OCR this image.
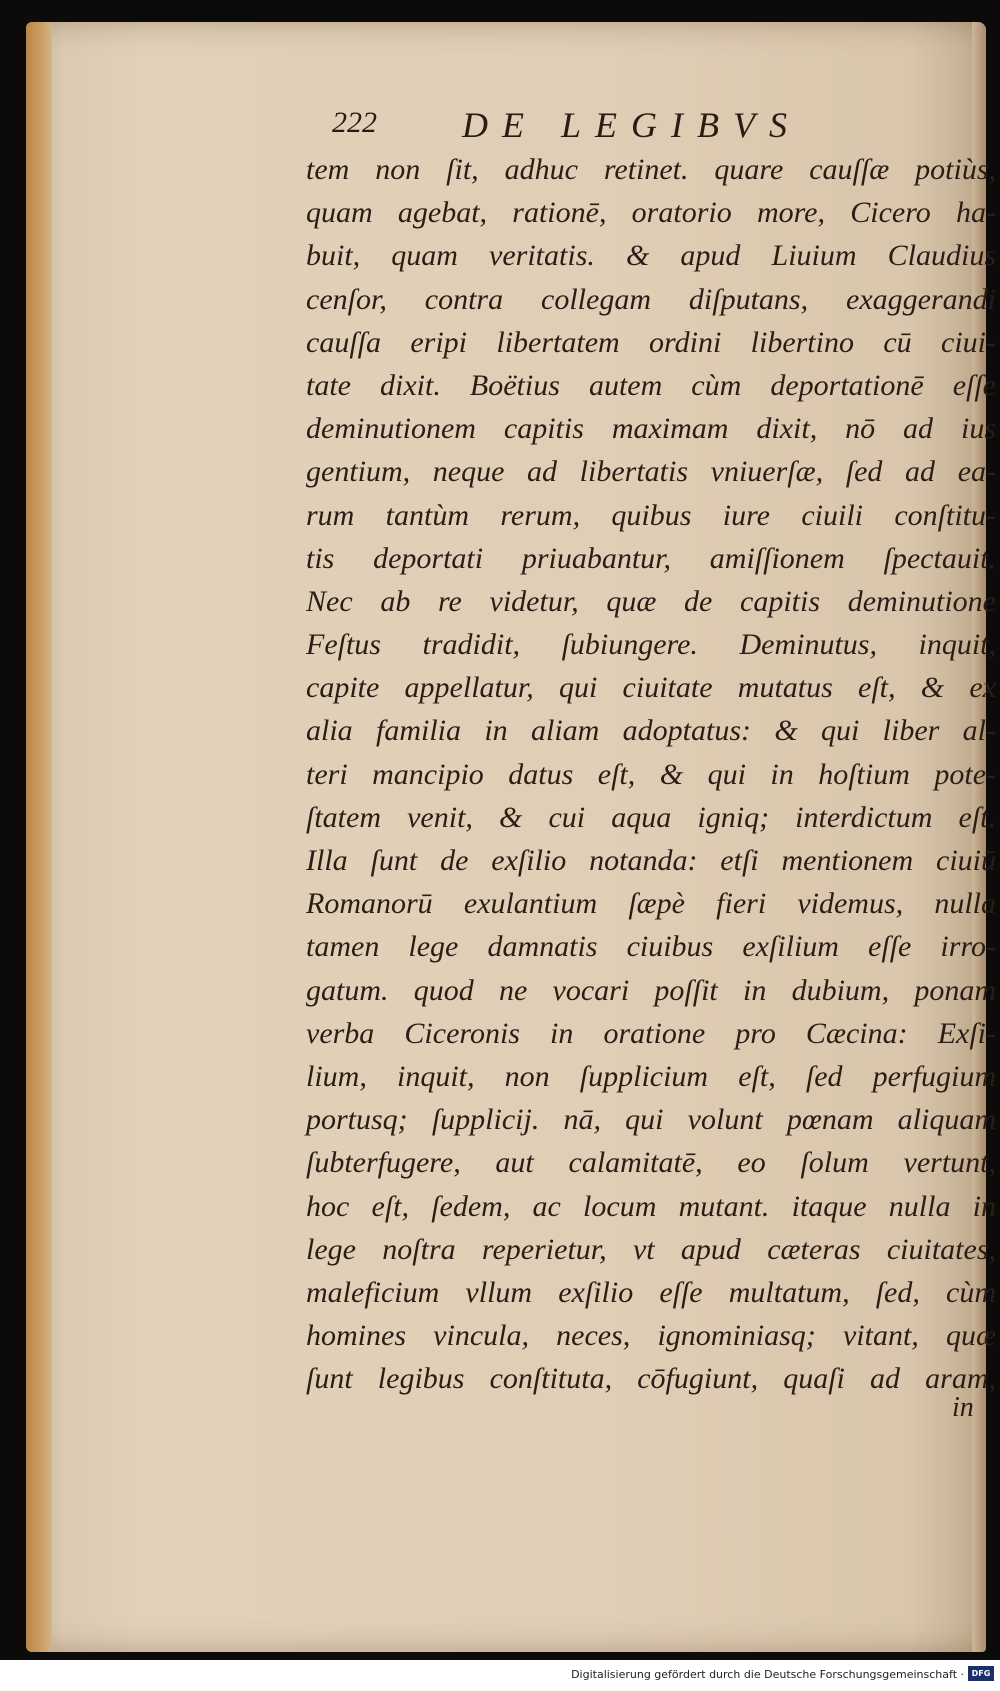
222 DE LEGIBVS
tem non ſit, adhuc retinet. quare cauſſæ potiùs,
quam agebat, rationē, oratorio more, Cicero ha-
buit, quam veritatis. & apud Liuium Claudius
cenſor, contra collegam diſputans, exaggerandi
cauſſa eripi libertatem ordini libertino cū ciui-
tate dixit. Boëtius autem cùm deportationē eſſe
deminutionem capitis maximam dixit, nō ad ius
gentium, neque ad libertatis vniuerſæ, ſed ad ea-
rum tantùm rerum, quibus iure ciuili conſtitu-
tis deportati priuabantur, amiſſionem ſpectauit.
Nec ab re videtur, quæ de capitis deminutione
Feſtus tradidit, ſubiungere. Deminutus, inquit,
capite appellatur, qui ciuitate mutatus eſt, & ex
alia familia in aliam adoptatus: & qui liber al-
teri mancipio datus eſt, & qui in hoſtium pote-
ſtatem venit, & cui aqua igniq; interdictum eſt.
Illa ſunt de exſilio notanda: etſi mentionem ciuiū
Romanorū exulantium ſæpè fieri videmus, nulla
tamen lege damnatis ciuibus exſilium eſſe irro-
gatum. quod ne vocari poſſit in dubium, ponam
verba Ciceronis in oratione pro Cæcina: Exſi-
lium, inquit, non ſupplicium eſt, ſed perfugium
portusq; ſupplicij. nā, qui volunt pœnam aliquam
ſubterfugere, aut calamitatē, eo ſolum vertunt,
hoc eſt, ſedem, ac locum mutant. itaque nulla in
lege noſtra reperietur, vt apud cæteras ciuitates,
maleficium vllum exſilio eſſe multatum, ſed, cùm
homines vincula, neces, ignominiasq; vitant, quæ
ſunt legibus conſtituta, cōfugiunt, quaſi ad aram,
in
Digitalisierung gefördert durch die Deutsche Forschungsgemeinschaft · DFG
